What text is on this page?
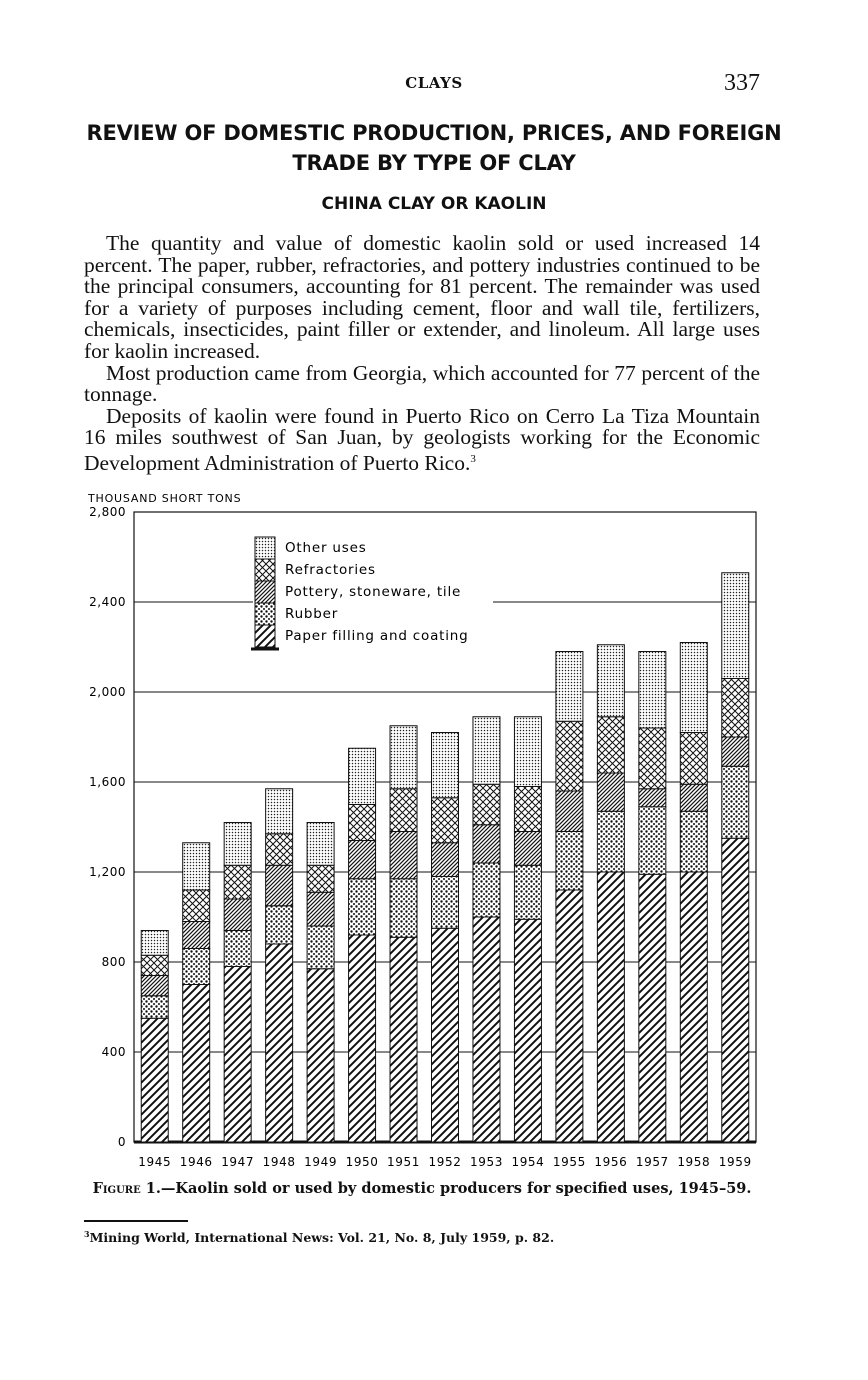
CLAYS	337
REVIEW OF DOMESTIC PRODUCTION, PRICES, AND FOREIGN TRADE BY TYPE OF CLAY
CHINA CLAY OR KAOLIN

The quantity and value of domestic kaolin sold or used increased 14 percent. The paper, rubber, refractories, and pottery industries continued to be the principal consumers, accounting for 81 percent. The remainder was used for a variety of purposes including cement, floor and wall tile, fertilizers, chemicals, insecticides, paint filler or extender, and linoleum. All large uses for kaolin increased.

Most production came from Georgia, which accounted for 77 percent of the tonnage.

Deposits of kaolin were found in Puerto Rico on Cerro La Tiza Mountain 16 miles southwest of San Juan, by geologists working for the Economic Development Administration of Puerto Rico.$^3$

THOUSAND SHORT TONS
0
400
800
1,200
1,600
2,000
2,400
2,800
1945 1946 1947 1948 1949 1950 1951 1952 1953 1954 1955 1956 1957 1958 1959
Other uses
Refractories
Pottery, stoneware, tile
Rubber
Paper filling and coating
Figure 1.—Kaolin sold or used by domestic producers for specified uses, 1945–59.
$^3$Mining World, International News: Vol. 21, No. 8, July 1959, p. 82.
